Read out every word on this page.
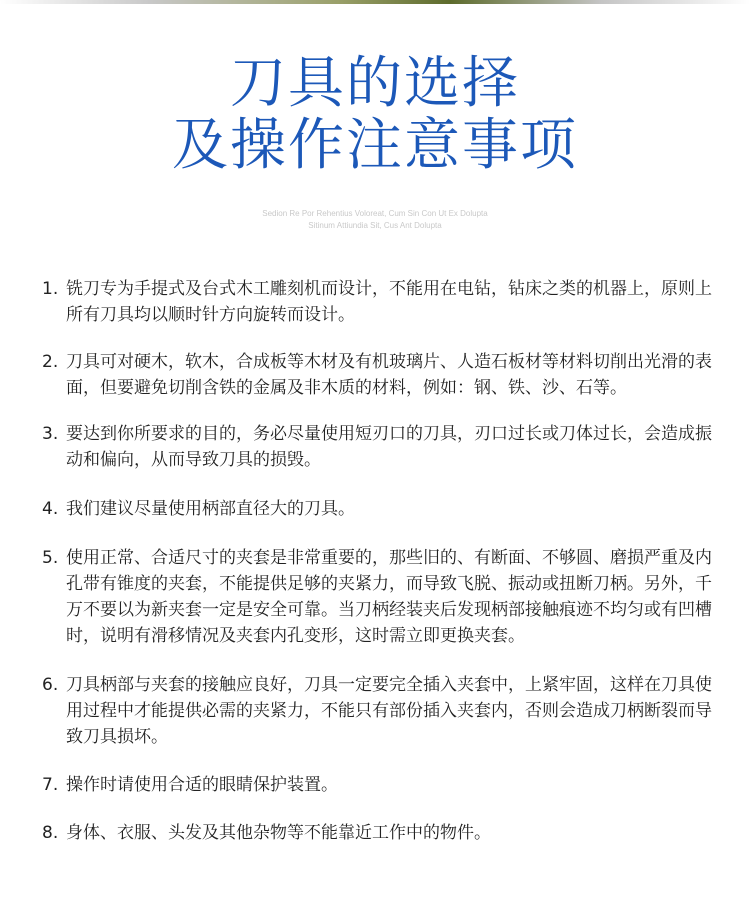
刀具的选择
及操作注意事项
Sedion Re Por Rehentius Voloreat, Cum Sin Con Ut Ex Dolupta
Sitinum Attiundia Sit, Cus Ant Dolupta
1. 铣刀专为手提式及台式木工雕刻机而设计，不能用在电钻，钻床之类的机器上，原则上所有刀具均以顺时针方向旋转而设计。
2. 刀具可对硬木，软木，合成板等木材及有机玻璃片、人造石板材等材料切削出光滑的表面，但要避免切削含铁的金属及非木质的材料，例如：钢、铁、沙、石等。
3. 要达到你所要求的目的，务必尽量使用短刃口的刀具，刃口过长或刀体过长，会造成振动和偏向，从而导致刀具的损毁。
4. 我们建议尽量使用柄部直径大的刀具。
5. 使用正常、合适尺寸的夹套是非常重要的，那些旧的、有断面、不够圆、磨损严重及内孔带有锥度的夹套，不能提供足够的夹紧力，而导致飞脱、振动或扭断刀柄。另外，千万不要以为新夹套一定是安全可靠。当刀柄经装夹后发现柄部接触痕迹不均匀或有凹槽时，说明有滑移情况及夹套内孔变形，这时需立即更换夹套。
6. 刀具柄部与夹套的接触应良好，刀具一定要完全插入夹套中，上紧牢固，这样在刀具使用过程中才能提供必需的夹紧力，不能只有部份插入夹套内，否则会造成刀柄断裂而导致刀具损坏。
7. 操作时请使用合适的眼睛保护装置。
8. 身体、衣服、头发及其他杂物等不能靠近工作中的物件。
